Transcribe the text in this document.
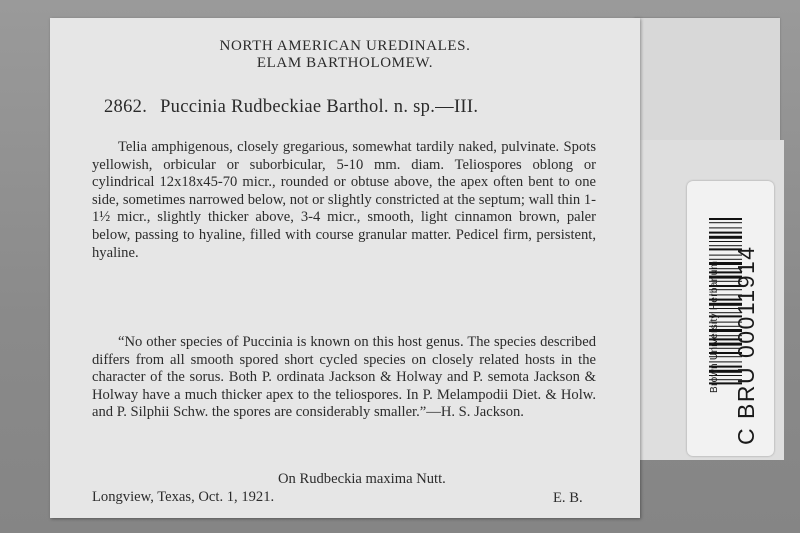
NORTH AMERICAN UREDINALES.
ELAM BARTHOLOMEW.
2862. Puccinia Rudbeckiae Barthol. n. sp.—III.
Telia amphigenous, closely gregarious, somewhat tardily naked, pulvinate. Spots yellowish, orbicular or suborbicular, 5-10 mm. diam. Teliospores oblong or cylindrical 12x18x45-70 micr., rounded or obtuse above, the apex often bent to one side, sometimes narrowed below, not or slightly constricted at the septum; wall thin 1-1½ micr., slightly thicker above, 3-4 micr., smooth, light cinnamon brown, paler below, passing to hyaline, filled with course granular matter. Pedicel firm, persistent, hyaline.
“No other species of Puccinia is known on this host genus. The species described differs from all smooth spored short cycled species on closely related hosts in the character of the sorus. Both P. ordinata Jackson & Holway and P. semota Jackson & Holway have a much thicker apex to the teliospores. In P. Melampodii Diet. & Holw. and P. Silphii Schw. the spores are considerably smaller.”—H. S. Jackson.
On Rudbeckia maxima Nutt.
Longview, Texas, Oct. 1, 1921.	E. B.
Brown University Herbarium C BRU 00011914
